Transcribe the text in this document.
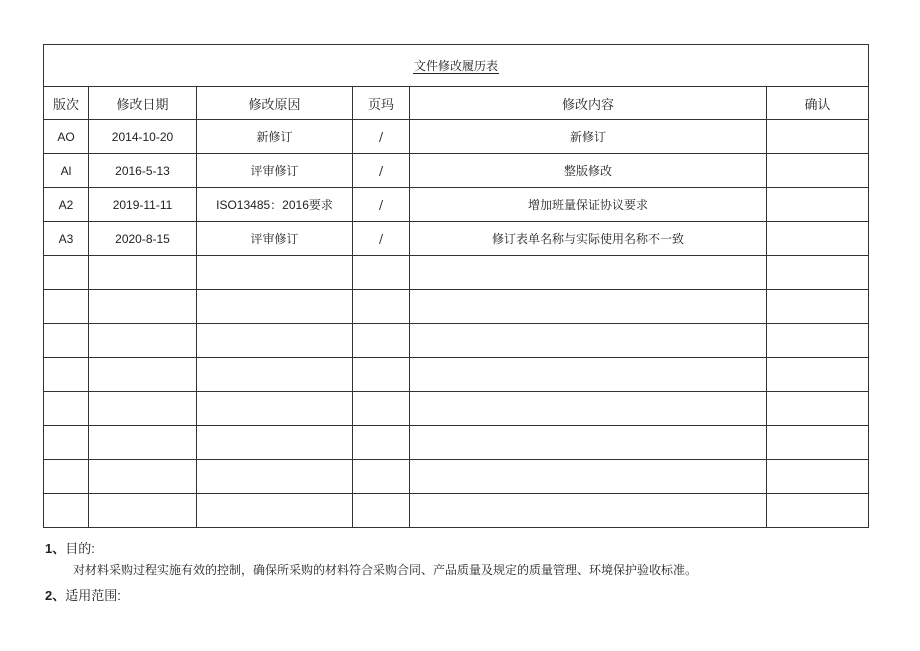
文件修改履历表					
版次	修改日期	修改原因	页玛	修改内容	确认
AO	2014-10-20	新修订	/	新修订	
Al	2016-5-13	评审修订	/	整版修改	
A2	2019-11-11	ISO13485：2016要求	/	增加班量保证协议要求	
A3	2020-8-15	评审修订	/	修订表单名称与实际使用名称不一致	

1、目的:
对材料采购过程实施有效的控制，确保所采购的材料符合采购合同、产品质量及规定的质量管理、环境保护验收标准。
2、适用范围:
